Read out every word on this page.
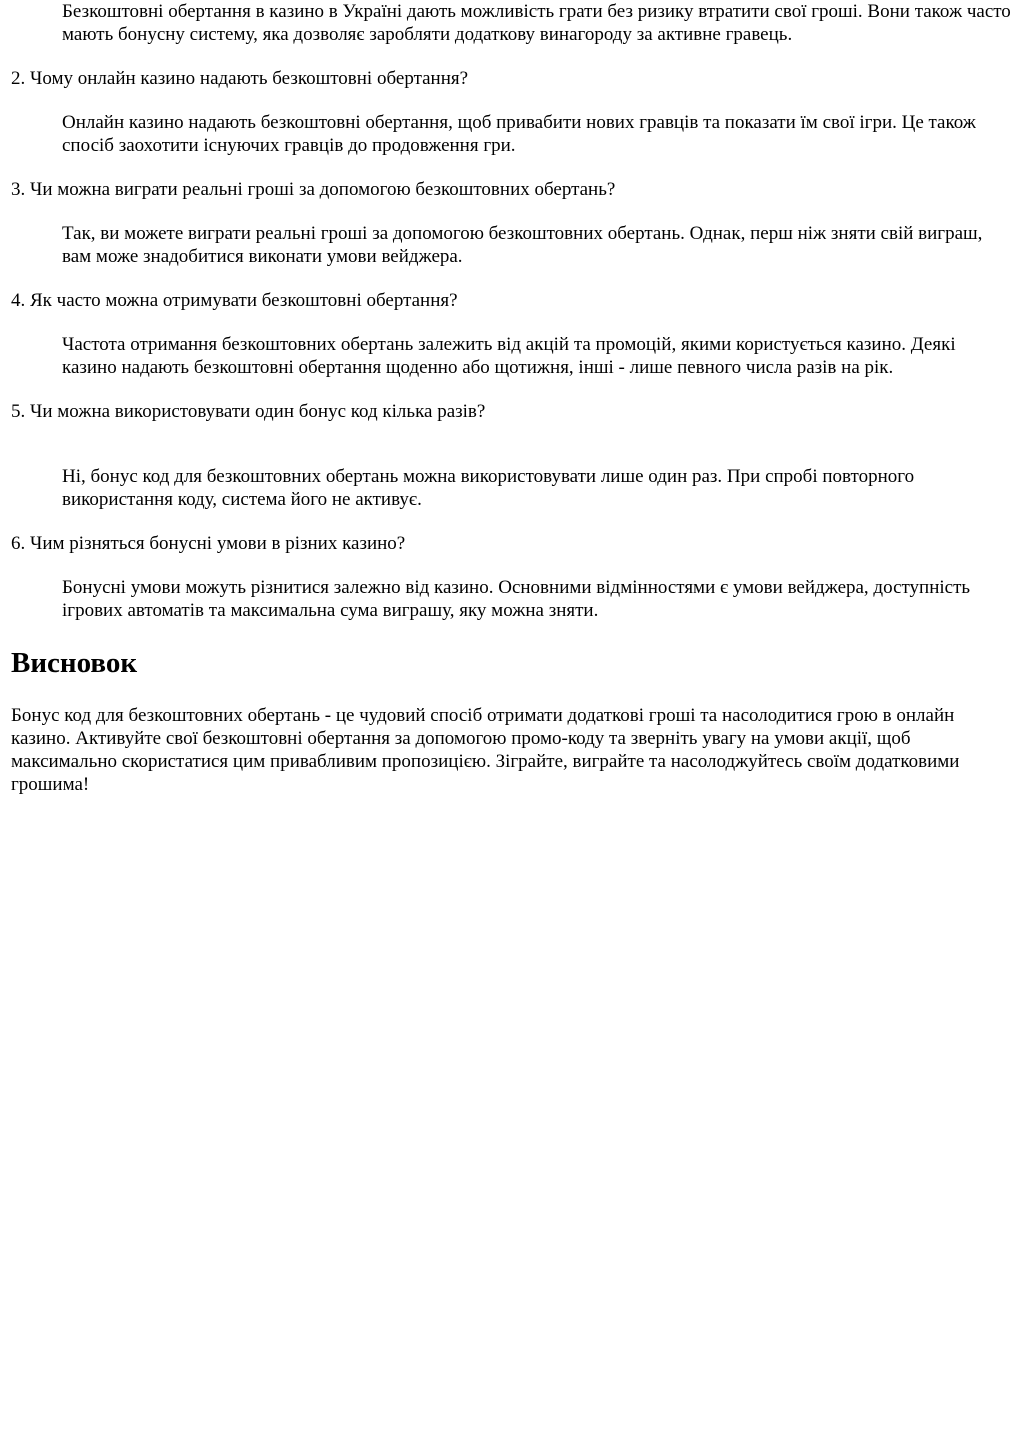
Безкоштовні обертання в казино в Україні дають можливість грати без ризику втратити свої гроші. Вони також часто мають бонусну систему, яка дозволяє заробляти додаткову винагороду за активне гравець.

2. Чому онлайн казино надають безкоштовні обертання?

Онлайн казино надають безкоштовні обертання, щоб привабити нових гравців та показати їм свої ігри. Це також спосіб заохотити існуючих гравців до продовження гри.

3. Чи можна виграти реальні гроші за допомогою безкоштовних обертань?

Так, ви можете виграти реальні гроші за допомогою безкоштовних обертань. Однак, перш ніж зняти свій виграш, вам може знадобитися виконати умови вейджера.

4. Як часто можна отримувати безкоштовні обертання?

Частота отримання безкоштовних обертань залежить від акцій та промоцій, якими користується казино. Деякі казино надають безкоштовні обертання щоденно або щотижня, інші - лише певного числа разів на рік.

5. Чи можна використовувати один бонус код кілька разів?

Ні, бонус код для безкоштовних обертань можна використовувати лише один раз. При спробі повторного використання коду, система його не активує.

6. Чим різняться бонусні умови в різних казино?

Бонусні умови можуть різнитися залежно від казино. Основними відмінностями є умови вейджера, доступність ігрових автоматів та максимальна сума виграшу, яку можна зняти.

Висновок

Бонус код для безкоштовних обертань - це чудовий спосіб отримати додаткові гроші та насолодитися грою в онлайн казино. Активуйте свої безкоштовні обертання за допомогою промо-коду та зверніть увагу на умови акції, щоб максимально скористатися цим привабливим пропозицією. Зіграйте, виграйте та насолоджуйтесь своїм додатковими грошима!
